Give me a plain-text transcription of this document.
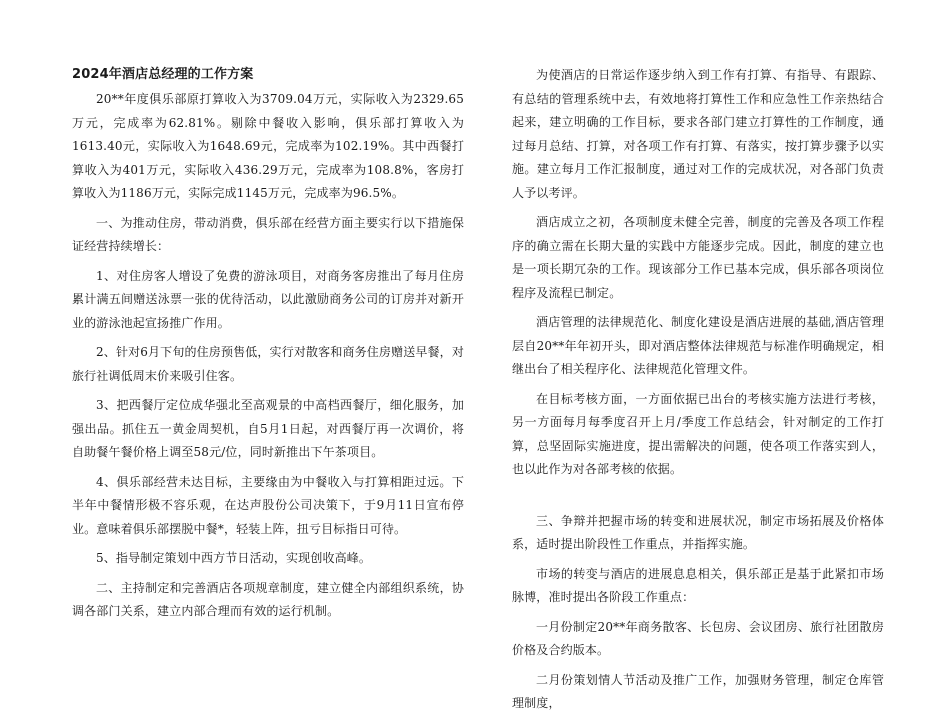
2024年酒店总经理的工作方案

20**年度俱乐部原打算收入为3709.04万元，实际收入为2329.65万元，完成率为62.81%。剔除中餐收入影响，俱乐部打算收入为1613.40元，实际收入为1648.69元，完成率为102.19%。其中西餐打算收入为401万元，实际收入436.29万元，完成率为108.8%，客房打算收入为1186万元，实际完成1145万元，完成率为96.5%。

一、为推动住房，带动消费，俱乐部在经营方面主要实行以下措施保证经营持续增长：

1、对住房客人增设了免费的游泳项目，对商务客房推出了每月住房累计满五间赠送泳票一张的优待活动，以此激励商务公司的订房并对新开业的游泳池起宣扬推广作用。

2、针对6月下旬的住房预售低，实行对散客和商务住房赠送早餐，对旅行社调低周末价来吸引住客。

3、把西餐厅定位成华强北至高观景的中高档西餐厅，细化服务，加强出品。抓住五一黄金周契机，自5月1日起，对西餐厅再一次调价，将自助餐午餐价格上调至58元/位，同时新推出下午茶项目。

4、俱乐部经营未达目标，主要缘由为中餐收入与打算相距过远。下半年中餐情形极不容乐观，在达声股份公司决策下，于9月11日宣布停业。意味着俱乐部摆脱中餐*，轻装上阵，扭亏目标指日可待。

5、指导制定策划中西方节日活动，实现创收高峰。

二、主持制定和完善酒店各项规章制度，建立健全内部组织系统，协调各部门关系，建立内部合理而有效的运行机制。

为使酒店的日常运作逐步纳入到工作有打算、有指导、有跟踪、有总结的管理系统中去，有效地将打算性工作和应急性工作亲热结合起来，建立明确的工作目标，要求各部门建立打算性的工作制度，通过每月总结、打算，对各项工作有打算、有落实，按打算步骤予以实施。建立每月工作汇报制度，通过对工作的完成状况，对各部门负责人予以考评。

酒店成立之初，各项制度未健全完善，制度的完善及各项工作程序的确立需在长期大量的实践中方能逐步完成。因此，制度的建立也是一项长期冗杂的工作。现该部分工作已基本完成，俱乐部各项岗位程序及流程已制定。

酒店管理的法律规范化、制度化建设是酒店进展的基础,酒店管理层自20**年年初开头，即对酒店整体法律规范与标准作明确规定，相继出台了相关程序化、法律规范化管理文件。

在目标考核方面，一方面依据已出台的考核实施方法进行考核，另一方面每月每季度召开上月/季度工作总结会，针对制定的工作打算，总坚固际实施进度，提出需解决的问题，使各项工作落实到人，也以此作为对各部考核的依据。

三、争辩并把握市场的转变和进展状况，制定市场拓展及价格体系，适时提出阶段性工作重点，并指挥实施。

市场的转变与酒店的进展息息相关，俱乐部正是基于此紧扣市场脉博，准时提出各阶段工作重点：

一月份制定20**年商务散客、长包房、会议团房、旅行社团散房价格及合约版本。

二月份策划情人节活动及推广工作，加强财务管理，制定仓库管理制度，
